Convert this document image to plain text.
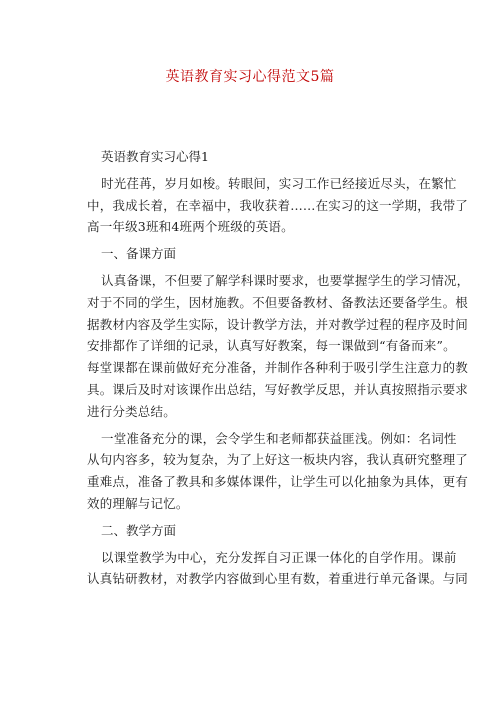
英语教育实习心得范文5篇
英语教育实习心得1
时光荏苒，岁月如梭。转眼间，实习工作已经接近尽头，在繁忙
中，我成长着，在幸福中，我收获着……在实习的这一学期，我带了
高一年级3班和4班两个班级的英语。
一、备课方面
认真备课，不但要了解学科课时要求，也要掌握学生的学习情况，
对于不同的学生，因材施教。不但要备教材、备教法还要备学生。根
据教材内容及学生实际，设计教学方法，并对教学过程的程序及时间
安排都作了详细的记录，认真写好教案，每一课做到“有备而来”。
每堂课都在课前做好充分准备，并制作各种利于吸引学生注意力的教
具。课后及时对该课作出总结，写好教学反思，并认真按照指示要求
进行分类总结。
一堂准备充分的课，会令学生和老师都获益匪浅。例如：名词性
从句内容多，较为复杂，为了上好这一板块内容，我认真研究整理了
重难点，准备了教具和多媒体课件，让学生可以化抽象为具体，更有
效的理解与记忆。
二、教学方面
以课堂教学为中心，充分发挥自习正课一体化的自学作用。课前
认真钻研教材，对教学内容做到心里有数，着重进行单元备课。与同
